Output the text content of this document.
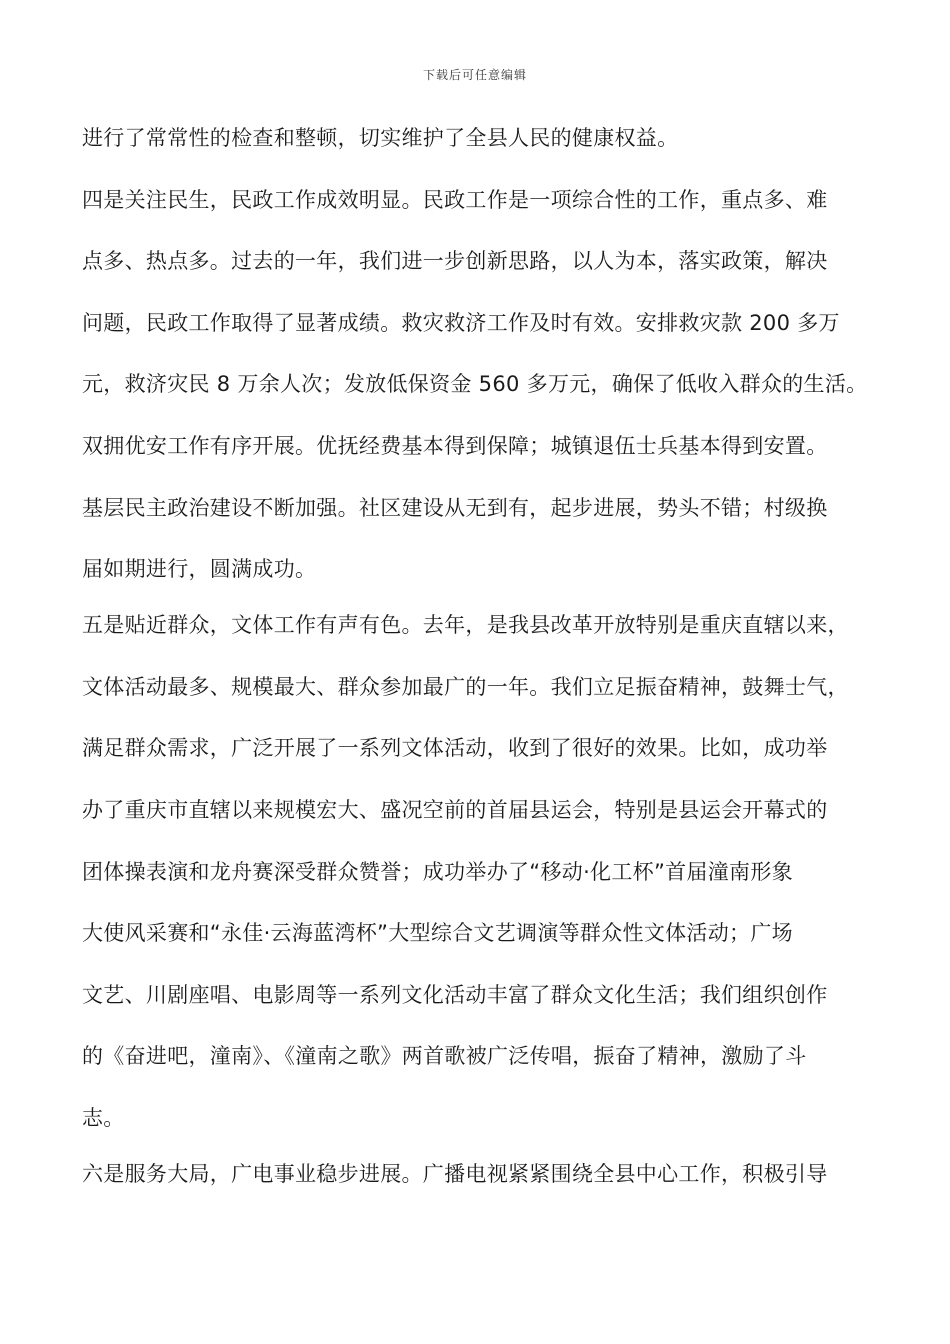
下载后可任意编辑
进行了常常性的检查和整顿，切实维护了全县人民的健康权益。
四是关注民生，民政工作成效明显。民政工作是一项综合性的工作，重点多、难
点多、热点多。过去的一年，我们进一步创新思路，以人为本，落实政策，解决
问题，民政工作取得了显著成绩。救灾救济工作及时有效。安排救灾款 200 多万
元，救济灾民 8 万余人次；发放低保资金 560 多万元，确保了低收入群众的生活。
双拥优安工作有序开展。优抚经费基本得到保障；城镇退伍士兵基本得到安置。
基层民主政治建设不断加强。社区建设从无到有，起步进展，势头不错；村级换
届如期进行，圆满成功。
五是贴近群众，文体工作有声有色。去年，是我县改革开放特别是重庆直辖以来，
文体活动最多、规模最大、群众参加最广的一年。我们立足振奋精神，鼓舞士气，
满足群众需求，广泛开展了一系列文体活动，收到了很好的效果。比如，成功举
办了重庆市直辖以来规模宏大、盛况空前的首届县运会，特别是县运会开幕式的
团体操表演和龙舟赛深受群众赞誉；成功举办了“移动·化工杯”首届潼南形象
大使风采赛和“永佳·云海蓝湾杯”大型综合文艺调演等群众性文体活动；广场
文艺、川剧座唱、电影周等一系列文化活动丰富了群众文化生活；我们组织创作
的《奋进吧，潼南》、《潼南之歌》两首歌被广泛传唱，振奋了精神，激励了斗
志。
六是服务大局，广电事业稳步进展。广播电视紧紧围绕全县中心工作，积极引导
